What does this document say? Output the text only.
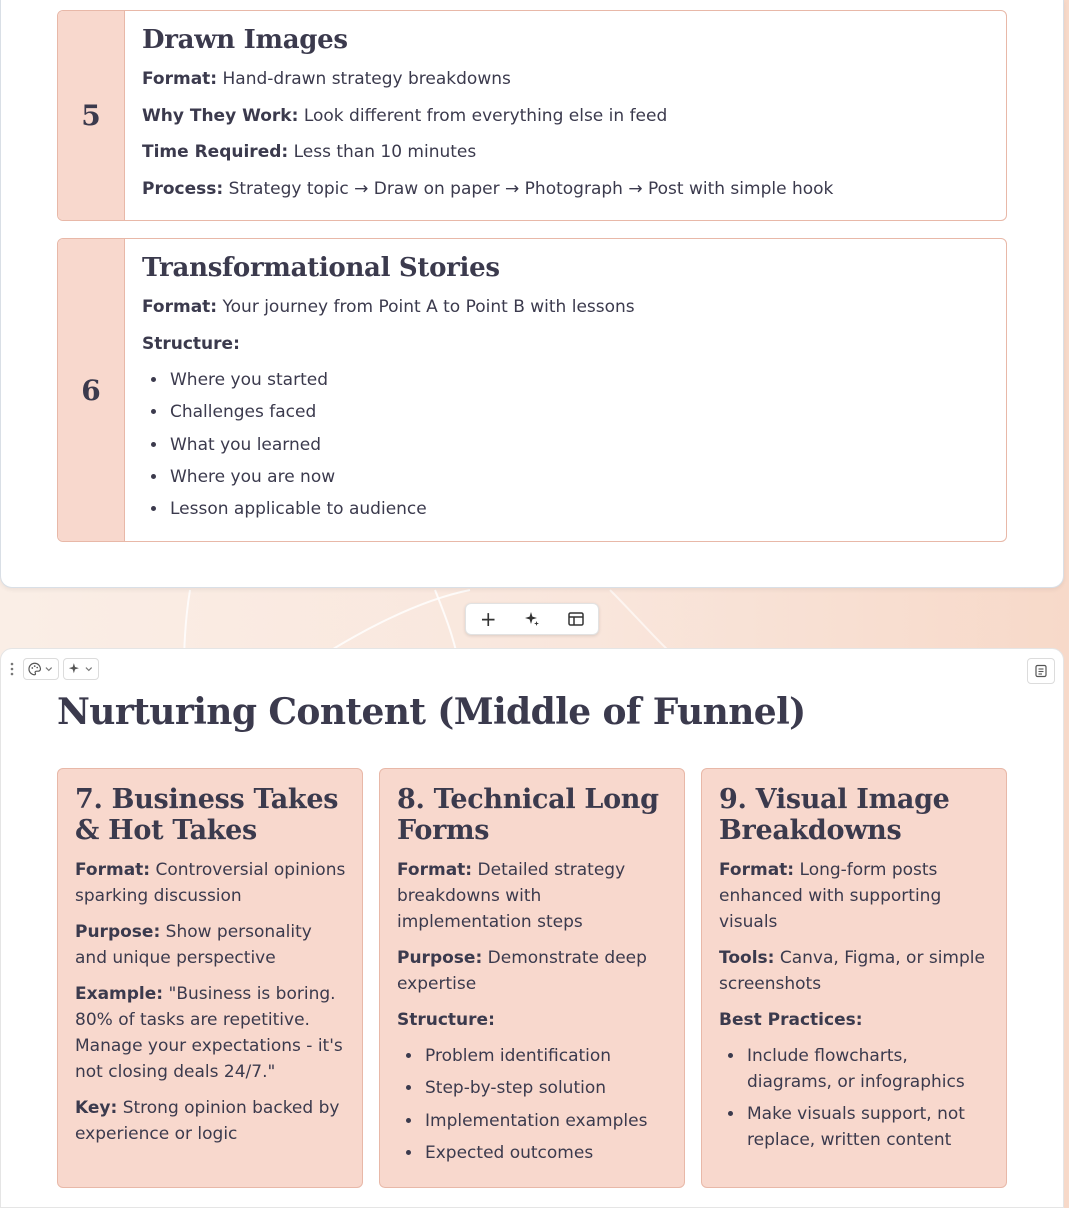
5
Drawn Images

Format: Hand-drawn strategy breakdowns

Why They Work: Look different from everything else in feed

Time Required: Less than 10 minutes

Process: Strategy topic → Draw on paper → Photograph → Post with simple hook

6
Transformational Stories

Format: Your journey from Point A to Point B with lessons

Structure:

• Where you started
• Challenges faced
• What you learned
• Where you are now
• Lesson applicable to audience
+
Nurturing Content (Middle of Funnel)
7. Business Takes & Hot Takes

Format: Controversial opinions sparking discussion

Purpose: Show personality and unique perspective

Example: "Business is boring. 80% of tasks are repetitive. Manage your expectations - it's not closing deals 24/7."

Key: Strong opinion backed by experience or logic

8. Technical Long Forms

Format: Detailed strategy breakdowns with implementation steps

Purpose: Demonstrate deep expertise

Structure:

• Problem identification
• Step-by-step solution
• Implementation examples
• Expected outcomes
9. Visual Image Breakdowns

Format: Long-form posts enhanced with supporting visuals

Tools: Canva, Figma, or simple screenshots

Best Practices:

• Include flowcharts, diagrams, or infographics
• Make visuals support, not replace, written content
